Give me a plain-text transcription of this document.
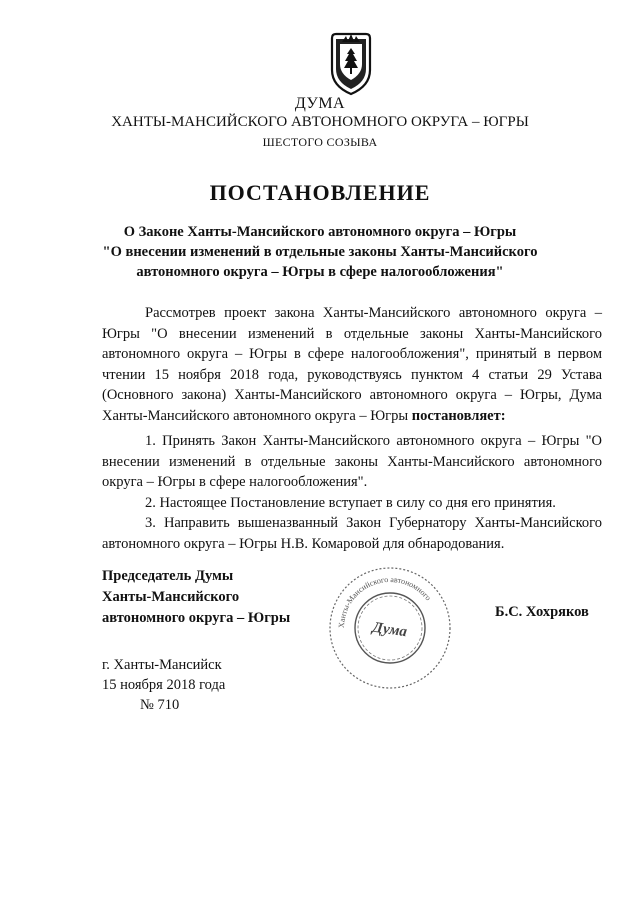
ДУМА
ХАНТЫ-МАНСИЙСКОГО АВТОНОМНОГО ОКРУГА – ЮГРЫ
ШЕСТОГО СОЗЫВА
ПОСТАНОВЛЕНИЕ
О Законе Ханты-Мансийского автономного округа – Югры
"О внесении изменений в отдельные законы Ханты-Мансийского
автономного округа – Югры в сфере налогообложения"

Рассмотрев проект закона Ханты-Мансийского автономного округа – Югры "О внесении изменений в отдельные законы Ханты-Мансийского автономного округа – Югры в сфере налогообложения", принятый в первом чтении 15 ноября 2018 года, руководствуясь пунктом 4 статьи 29 Устава (Основного закона) Ханты-Мансийского автономного округа – Югры, Дума Ханты-Мансийского автономного округа – Югры постановляет:

1. Принять Закон Ханты-Мансийского автономного округа – Югры "О внесении изменений в отдельные законы Ханты-Мансийского автономного округа – Югры в сфере налогообложения".

2. Настоящее Постановление вступает в силу со дня его принятия.

3. Направить вышеназванный Закон Губернатору Ханты-Мансийского автономного округа – Югры Н.В. Комаровой для обнародования.

Председатель Думы
Ханты-Мансийского
автономного округа – Югры	Ханты-Мансийского автономного
Дума
Б.С. Хохряков
г. Ханты-Мансийск
15 ноября 2018 года
№ 710
